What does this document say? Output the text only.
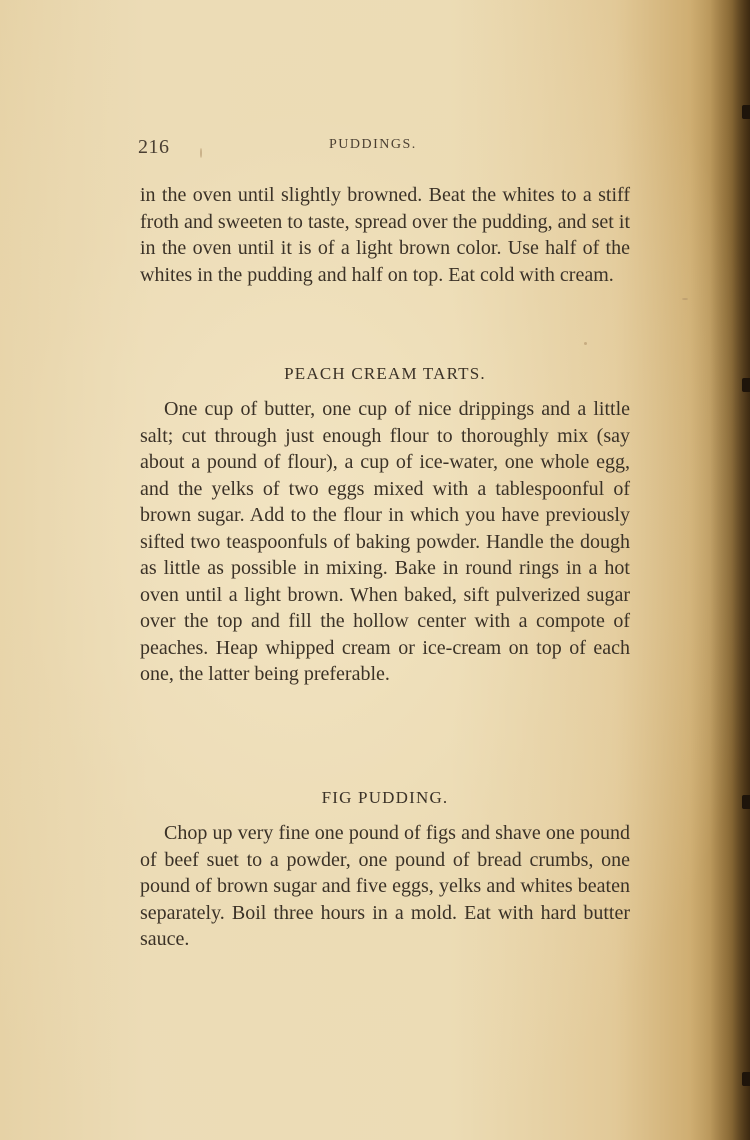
216	PUDDINGS.

in the oven until slightly browned. Beat the whites to a stiff froth and sweeten to taste, spread over the pudding, and set it in the oven until it is of a light brown color. Use half of the whites in the pudding and half on top. Eat cold with cream.

PEACH CREAM TARTS.

One cup of butter, one cup of nice drippings and a little salt; cut through just enough flour to thoroughly mix (say about a pound of flour), a cup of ice-water, one whole egg, and the yelks of two eggs mixed with a tablespoonful of brown sugar. Add to the flour in which you have previously sifted two teaspoonfuls of baking powder. Handle the dough as little as possible in mixing. Bake in round rings in a hot oven until a light brown. When baked, sift pulverized sugar over the top and fill the hollow center with a compote of peaches. Heap whipped cream or ice-cream on top of each one, the latter being preferable.

FIG PUDDING.

Chop up very fine one pound of figs and shave one pound of beef suet to a powder, one pound of bread crumbs, one pound of brown sugar and five eggs, yelks and whites beaten separately. Boil three hours in a mold. Eat with hard butter sauce.
